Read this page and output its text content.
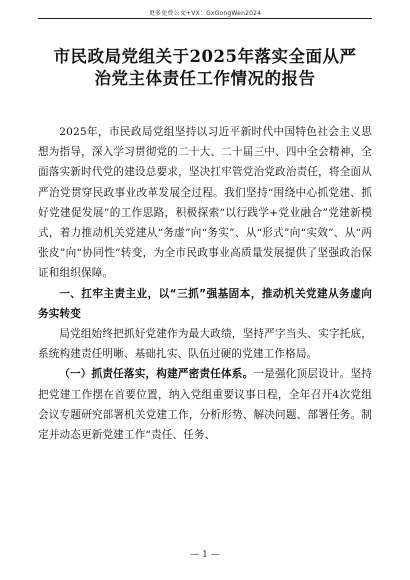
更多免费公文+VX：GxGongWen2024
市民政局党组关于2025年落实全面从严
治党主体责任工作情况的报告

2025年，市民政局党组坚持以习近平新时代中国特色社会主义思想为指导，深入学习贯彻党的二十大、二十届三中、四中全会精神，全面落实新时代党的建设总要求，坚决扛牢管党治党政治责任，将全面从严治党贯穿民政事业改革发展全过程。我们坚持“围绕中心抓党建、抓好党建促发展”的工作思路，积极探索“以行践学+党业融合”党建新模式，着力推动机关党建从“务虚”向“务实”、从“形式”向“实效”、从“两张皮”向“协同性”转变，为全市民政事业高质量发展提供了坚强政治保证和组织保障。

一、扛牢主责主业，以“三抓”强基固本，推动机关党建从务虚向务实转变

局党组始终把抓好党建作为最大政绩，坚持严字当头、实字托底，系统构建责任明晰、基础扎实、队伍过硬的党建工作格局。

（一）抓责任落实，构建严密责任体系。一是强化顶层设计。坚持把党建工作摆在首要位置，纳入党组重要议事日程，全年召开4次党组会议专题研究部署机关党建工作，分析形势、解决问题、部署任务。制定并动态更新党建工作“责任、任务、

— 1 —
